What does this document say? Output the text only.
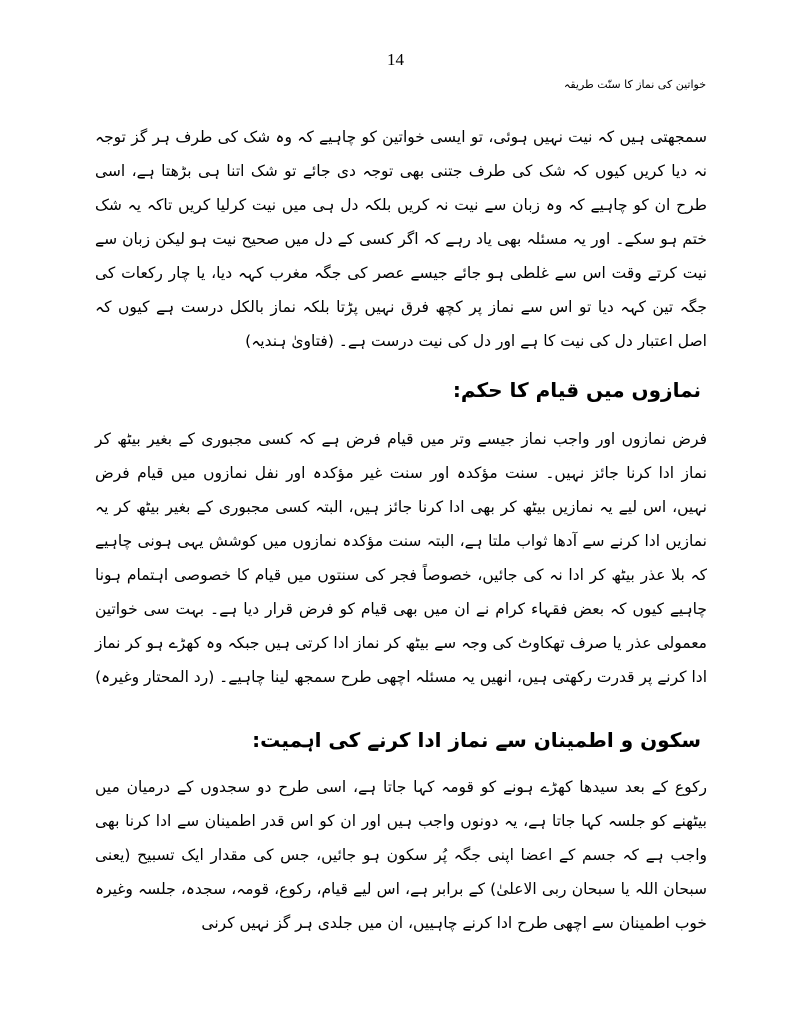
14
خواتین کی نماز کا سنّت طریقہ

سمجھتی ہیں کہ نیت نہیں ہوئی، تو ایسی خواتین کو چاہیے کہ وہ شک کی طرف ہر گز توجہ نہ دیا کریں کیوں کہ شک کی طرف جتنی بھی توجہ دی جائے تو شک اتنا ہی بڑھتا ہے، اسی طرح ان کو چاہیے کہ وہ زبان سے نیت نہ کریں بلکہ دل ہی میں نیت کرلیا کریں تاکہ یہ شک ختم ہو سکے۔ اور یہ مسئلہ بھی یاد رہے کہ اگر کسی کے دل میں صحیح نیت ہو لیکن زبان سے نیت کرتے وقت اس سے غلطی ہو جائے جیسے عصر کی جگہ مغرب کہہ دیا، یا چار رکعات کی جگہ تین کہہ دیا تو اس سے نماز پر کچھ فرق نہیں پڑتا بلکہ نماز بالکل درست ہے کیوں کہ اصل اعتبار دل کی نیت کا ہے اور دل کی نیت درست ہے۔ (فتاویٰ ہندیہ)

نمازوں میں قیام کا حکم:

فرض نمازوں اور واجب نماز جیسے وتر میں قیام فرض ہے کہ کسی مجبوری کے بغیر بیٹھ کر نماز ادا کرنا جائز نہیں۔ سنت مؤکدہ اور سنت غیر مؤکدہ اور نفل نمازوں میں قیام فرض نہیں، اس لیے یہ نمازیں بیٹھ کر بھی ادا کرنا جائز ہیں، البتہ کسی مجبوری کے بغیر بیٹھ کر یہ نمازیں ادا کرنے سے آدھا ثواب ملتا ہے، البتہ سنت مؤکدہ نمازوں میں کوشش یہی ہونی چاہیے کہ بلا عذر بیٹھ کر ادا نہ کی جائیں، خصوصاً فجر کی سنتوں میں قیام کا خصوصی اہتمام ہونا چاہیے کیوں کہ بعض فقہاء کرام نے ان میں بھی قیام کو فرض قرار دیا ہے۔ بہت سی خواتین معمولی عذر یا صرف تھکاوٹ کی وجہ سے بیٹھ کر نماز ادا کرتی ہیں جبکہ وہ کھڑے ہو کر نماز ادا کرنے پر قدرت رکھتی ہیں، انھیں یہ مسئلہ اچھی طرح سمجھ لینا چاہیے۔ (رد المحتار وغیرہ)

سکون و اطمینان سے نماز ادا کرنے کی اہمیت:

رکوع کے بعد سیدھا کھڑے ہونے کو قومہ کہا جاتا ہے، اسی طرح دو سجدوں کے درمیان میں بیٹھنے کو جلسہ کہا جاتا ہے، یہ دونوں واجب ہیں اور ان کو اس قدر اطمینان سے ادا کرنا بھی واجب ہے کہ جسم کے اعضا اپنی جگہ پُر سکون ہو جائیں، جس کی مقدار ایک تسبیح (یعنی سبحان اللہ یا سبحان ربی الاعلیٰ) کے برابر ہے، اس لیے قیام، رکوع، قومہ، سجدہ، جلسہ وغیرہ خوب اطمینان سے اچھی طرح ادا کرنے چاہییں، ان میں جلدی ہر گز نہیں کرنی
